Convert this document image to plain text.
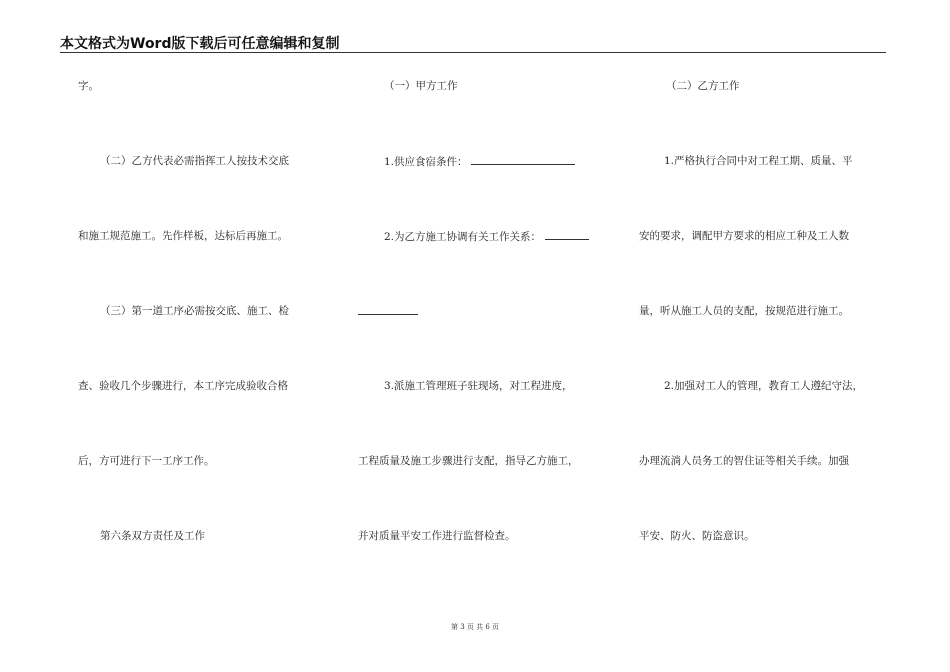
本文格式为Word版下载后可任意编辑和复制
字。
（二）乙方代表必需指挥工人按技术交底
和施工规范施工。先作样板，达标后再施工。
（三）第一道工序必需按交底、施工、检
查、验收几个步骤进行，本工序完成验收合格
后，方可进行下一工序工作。
第六条双方责任及工作
（一）甲方工作
1.供应食宿条件：
2.为乙方施工协调有关工作关系：
3.派施工管理班子驻现场，对工程进度，
工程质量及施工步骤进行支配，指导乙方施工，
并对质量平安工作进行监督检查。
（二）乙方工作
1.严格执行合同中对工程工期、质量、平
安的要求，调配甲方要求的相应工种及工人数
量，听从施工人员的支配，按规范进行施工。
2.加强对工人的管理，教育工人遵纪守法，
办理流淌人员务工的智住证等相关手续。加强
平安、防火、防盗意识。
第 3 页 共 6 页
